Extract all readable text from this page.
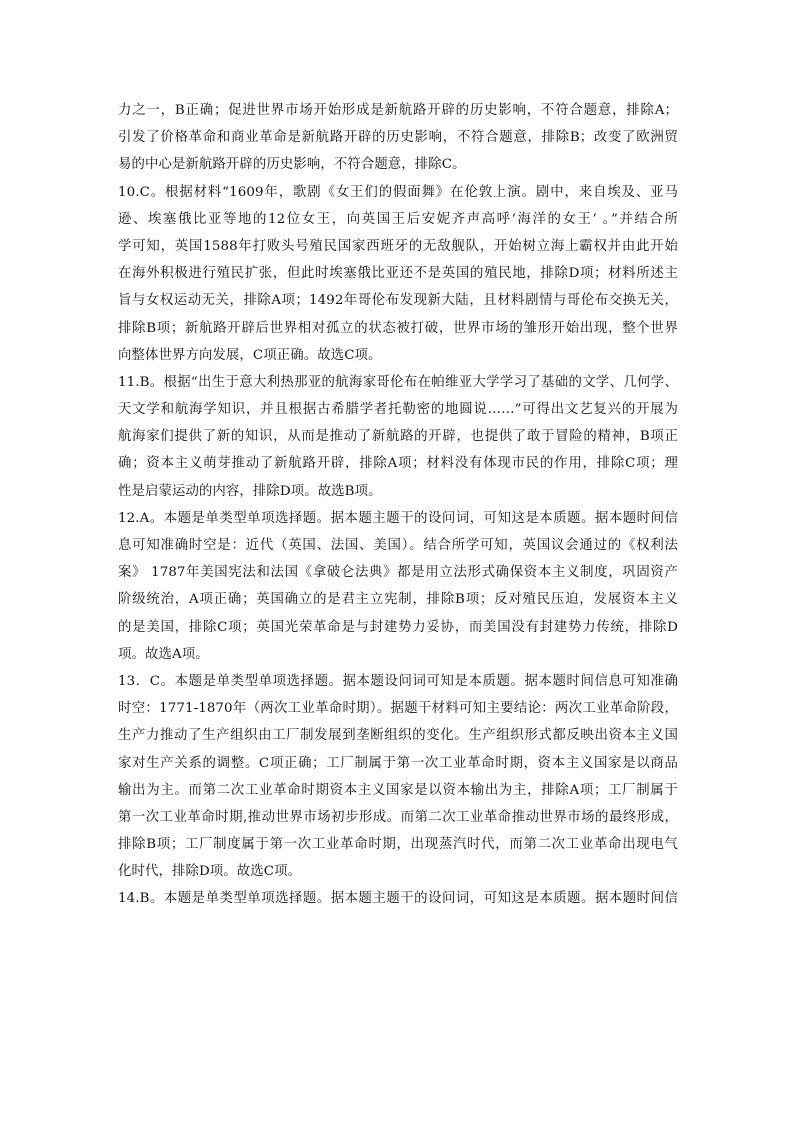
力之一，B正确；促进世界市场开始形成是新航路开辟的历史影响，不符合题意，排除A；
引发了价格革命和商业革命是新航路开辟的历史影响，不符合题意，排除B；改变了欧洲贸
易的中心是新航路开辟的历史影响，不符合题意，排除C。
10.C。根据材料“1609年，歌剧《女王们的假面舞》在伦敦上演。剧中，来自埃及、亚马
逊、埃塞俄比亚等地的12位女王，向英国王后安妮齐声高呼‘海洋的女王’ 。”并结合所
学可知，英国1588年打败头号殖民国家西班牙的无敌舰队，开始树立海上霸权并由此开始
在海外积极进行殖民扩张，但此时埃塞俄比亚还不是英国的殖民地，排除D项；材料所述主
旨与女权运动无关，排除A项；1492年哥伦布发现新大陆，且材料剧情与哥伦布交换无关，
排除B项；新航路开辟后世界相对孤立的状态被打破，世界市场的雏形开始出现，整个世界
向整体世界方向发展，C项正确。故选C项。
11.B。根据“出生于意大利热那亚的航海家哥伦布在帕维亚大学学习了基础的文学、几何学、
天文学和航海学知识，并且根据古希腊学者托勒密的地圆说……”可得出文艺复兴的开展为
航海家们提供了新的知识，从而是推动了新航路的开辟，也提供了敢于冒险的精神，B项正
确；资本主义萌芽推动了新航路开辟，排除A项；材料没有体现市民的作用，排除C项；理
性是启蒙运动的内容，排除D项。故选B项。
12.A。本题是单类型单项选择题。据本题主题干的设问词，可知这是本质题。据本题时间信
息可知准确时空是：近代（英国、法国、美国）。结合所学可知，英国议会通过的《权利法
案》 1787年美国宪法和法国《拿破仑法典》都是用立法形式确保资本主义制度，巩固资产
阶级统治，A项正确；英国确立的是君主立宪制，排除B项；反对殖民压迫，发展资本主义
的是美国，排除C项；英国光荣革命是与封建势力妥协，而美国没有封建势力传统，排除D
项。故选A项。
13．C。本题是单类型单项选择题。据本题设问词可知是本质题。据本题时间信息可知准确
时空：1771-1870年（两次工业革命时期）。据题干材料可知主要结论：两次工业革命阶段，
生产力推动了生产组织由工厂制发展到垄断组织的变化。生产组织形式都反映出资本主义国
家对生产关系的调整。C项正确；工厂制属于第一次工业革命时期，资本主义国家是以商品
输出为主。而第二次工业革命时期资本主义国家是以资本输出为主，排除A项；工厂制属于
第一次工业革命时期,推动世界市场初步形成。而第二次工业革命推动世界市场的最终形成，
排除B项；工厂制度属于第一次工业革命时期，出现蒸汽时代，而第二次工业革命出现电气
化时代，排除D项。故选C项。
14.B。本题是单类型单项选择题。据本题主题干的设问词，可知这是本质题。据本题时间信
